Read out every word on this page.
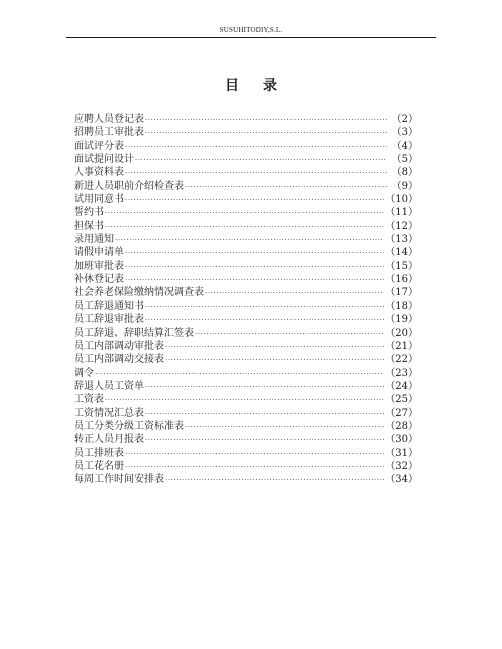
SUSUHITODIY,S.L.
目 录
应聘人员登记表 ·····	（2）
招聘员工审批表 ·····	（3）
面试评分表 ·····	（4）
面试提问设计 ·····	（5）
人事资料表 ·····	（8）
新进人员职前介绍检查表 ·····	（9）
试用同意书 ·····	（10）
誓约书 ·····	（11）
担保书 ·····	（12）
录用通知 ·····	（13）
请假申请单 ·····	（14）
加班审批表 ·····	（15）
补休登记表 ·····	（16）
社会养老保险缴纳情况调查表 ·····	（17）
员工辞退通知书 ·····	（18）
员工辞退审批表 ·····	（19）
员工辞退、辞职结算汇签表 ·····	（20）
员工内部调动审批表 ·····	（21）
员工内部调动交接表 ·····	（22）
调令 ·····	（23）
辞退人员工资单 ·····	（24）
工资表 ·····	（25）
工资情况汇总表 ·····	（27）
员工分类分级工资标准表 ·····	（28）
转正人员月报表 ·····	（30）
员工排班表 ·····	（31）
员工花名册 ·····	（32）
每周工作时间安排表 ·····	（34）
